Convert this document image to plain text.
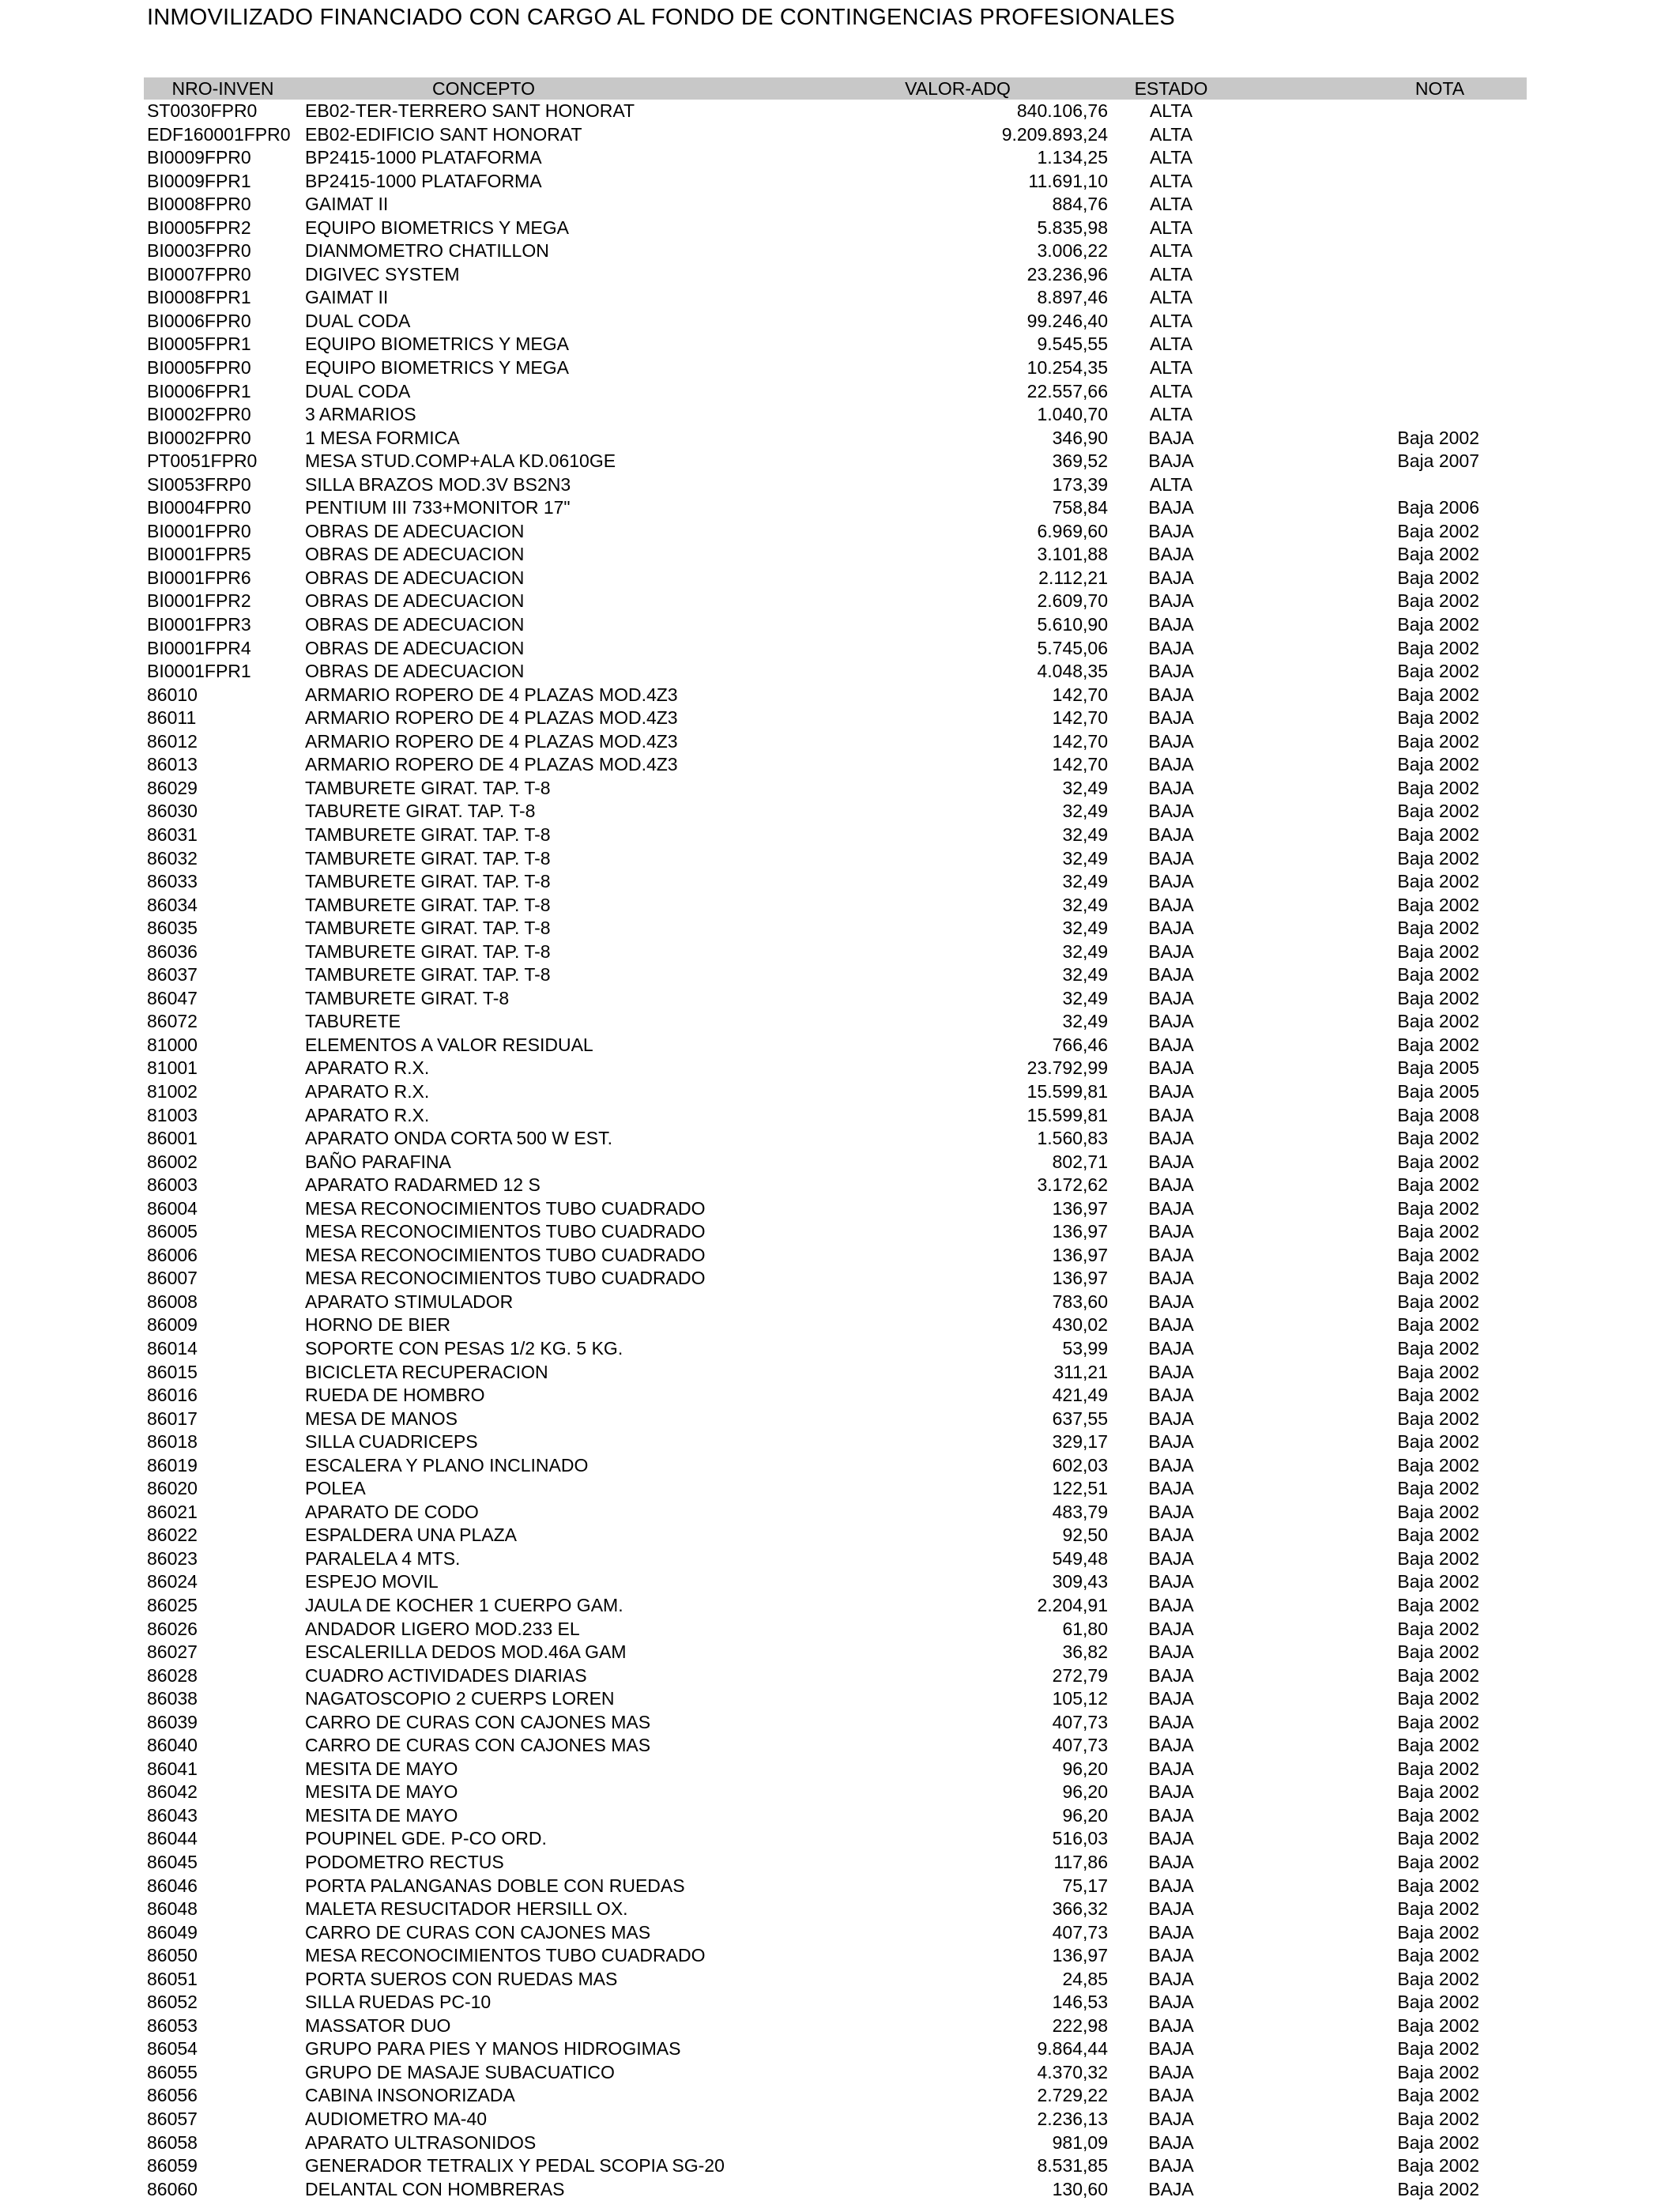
INMOVILIZADO FINANCIADO CON CARGO AL FONDO DE CONTINGENCIAS PROFESIONALES
NRO-INVEN	CONCEPTO	VALOR-ADQ	ESTADO	NOTA
ST0030FPR0	EB02-TER-TERRERO SANT HONORAT	840.106,76	ALTA
EDF160001FPR0 EB02-EDIFICIO SANT HONORAT	9.209.893,24	ALTA
BI0009FPR0	BP2415-1000 PLATAFORMA	1.134,25	ALTA
BI0009FPR1	BP2415-1000 PLATAFORMA	11.691,10	ALTA
BI0008FPR0	GAIMAT II	884,76	ALTA
BI0005FPR2	EQUIPO BIOMETRICS Y MEGA	5.835,98	ALTA
BI0003FPR0	DIANMOMETRO CHATILLON	3.006,22	ALTA
BI0007FPR0	DIGIVEC SYSTEM	23.236,96	ALTA
BI0008FPR1	GAIMAT II	8.897,46	ALTA
BI0006FPR0	DUAL CODA	99.246,40	ALTA
BI0005FPR1	EQUIPO BIOMETRICS Y MEGA	9.545,55	ALTA
BI0005FPR0	EQUIPO BIOMETRICS Y MEGA	10.254,35	ALTA
BI0006FPR1	DUAL CODA	22.557,66	ALTA
BI0002FPR0	3 ARMARIOS	1.040,70	ALTA
BI0002FPR0	1 MESA FORMICA	346,90	BAJA	Baja 2002
PT0051FPR0	MESA STUD.COMP+ALA KD.0610GE	369,52	BAJA	Baja 2007
SI0053FRP0	SILLA BRAZOS MOD.3V BS2N3	173,39	ALTA
BI0004FPR0	PENTIUM III 733+MONITOR 17"	758,84	BAJA	Baja 2006
BI0001FPR0	OBRAS DE ADECUACION	6.969,60	BAJA	Baja 2002
BI0001FPR5	OBRAS DE ADECUACION	3.101,88	BAJA	Baja 2002
BI0001FPR6	OBRAS DE ADECUACION	2.112,21	BAJA	Baja 2002
BI0001FPR2	OBRAS DE ADECUACION	2.609,70	BAJA	Baja 2002
BI0001FPR3	OBRAS DE ADECUACION	5.610,90	BAJA	Baja 2002
BI0001FPR4	OBRAS DE ADECUACION	5.745,06	BAJA	Baja 2002
BI0001FPR1	OBRAS DE ADECUACION	4.048,35	BAJA	Baja 2002
86010	ARMARIO ROPERO DE 4 PLAZAS MOD.4Z3	142,70	BAJA	Baja 2002
86011	ARMARIO ROPERO DE 4 PLAZAS MOD.4Z3	142,70	BAJA	Baja 2002
86012	ARMARIO ROPERO DE 4 PLAZAS MOD.4Z3	142,70	BAJA	Baja 2002
86013	ARMARIO ROPERO DE 4 PLAZAS MOD.4Z3	142,70	BAJA	Baja 2002
86029	TAMBURETE GIRAT. TAP. T-8	32,49	BAJA	Baja 2002
86030	TABURETE GIRAT. TAP. T-8	32,49	BAJA	Baja 2002
86031	TAMBURETE GIRAT. TAP. T-8	32,49	BAJA	Baja 2002
86032	TAMBURETE GIRAT. TAP. T-8	32,49	BAJA	Baja 2002
86033	TAMBURETE GIRAT. TAP. T-8	32,49	BAJA	Baja 2002
86034	TAMBURETE GIRAT. TAP. T-8	32,49	BAJA	Baja 2002
86035	TAMBURETE GIRAT. TAP. T-8	32,49	BAJA	Baja 2002
86036	TAMBURETE GIRAT. TAP. T-8	32,49	BAJA	Baja 2002
86037	TAMBURETE GIRAT. TAP. T-8	32,49	BAJA	Baja 2002
86047	TAMBURETE GIRAT. T-8	32,49	BAJA	Baja 2002
86072	TABURETE	32,49	BAJA	Baja 2002
81000	ELEMENTOS A VALOR RESIDUAL	766,46	BAJA	Baja 2002
81001	APARATO R.X.	23.792,99	BAJA	Baja 2005
81002	APARATO R.X.	15.599,81	BAJA	Baja 2005
81003	APARATO R.X.	15.599,81	BAJA	Baja 2008
86001	APARATO ONDA CORTA 500 W EST.	1.560,83	BAJA	Baja 2002
86002	BAÑO PARAFINA	802,71	BAJA	Baja 2002
86003	APARATO RADARMED 12 S	3.172,62	BAJA	Baja 2002
86004	MESA RECONOCIMIENTOS TUBO CUADRADO	136,97	BAJA	Baja 2002
86005	MESA RECONOCIMIENTOS TUBO CUADRADO	136,97	BAJA	Baja 2002
86006	MESA RECONOCIMIENTOS TUBO CUADRADO	136,97	BAJA	Baja 2002
86007	MESA RECONOCIMIENTOS TUBO CUADRADO	136,97	BAJA	Baja 2002
86008	APARATO STIMULADOR	783,60	BAJA	Baja 2002
86009	HORNO DE BIER	430,02	BAJA	Baja 2002
86014	SOPORTE CON PESAS 1/2 KG. 5 KG.	53,99	BAJA	Baja 2002
86015	BICICLETA RECUPERACION	311,21	BAJA	Baja 2002
86016	RUEDA DE HOMBRO	421,49	BAJA	Baja 2002
86017	MESA DE MANOS	637,55	BAJA	Baja 2002
86018	SILLA CUADRICEPS	329,17	BAJA	Baja 2002
86019	ESCALERA Y PLANO INCLINADO	602,03	BAJA	Baja 2002
86020	POLEA	122,51	BAJA	Baja 2002
86021	APARATO DE CODO	483,79	BAJA	Baja 2002
86022	ESPALDERA UNA PLAZA	92,50	BAJA	Baja 2002
86023	PARALELA 4 MTS.	549,48	BAJA	Baja 2002
86024	ESPEJO MOVIL	309,43	BAJA	Baja 2002
86025	JAULA DE KOCHER 1 CUERPO GAM.	2.204,91	BAJA	Baja 2002
86026	ANDADOR LIGERO MOD.233 EL	61,80	BAJA	Baja 2002
86027	ESCALERILLA DEDOS MOD.46A GAM	36,82	BAJA	Baja 2002
86028	CUADRO ACTIVIDADES DIARIAS	272,79	BAJA	Baja 2002
86038	NAGATOSCOPIO 2 CUERPS LOREN	105,12	BAJA	Baja 2002
86039	CARRO DE CURAS CON CAJONES MAS	407,73	BAJA	Baja 2002
86040	CARRO DE CURAS CON CAJONES MAS	407,73	BAJA	Baja 2002
86041	MESITA DE MAYO	96,20	BAJA	Baja 2002
86042	MESITA DE MAYO	96,20	BAJA	Baja 2002
86043	MESITA DE MAYO	96,20	BAJA	Baja 2002
86044	POUPINEL GDE. P-CO ORD.	516,03	BAJA	Baja 2002
86045	PODOMETRO RECTUS	117,86	BAJA	Baja 2002
86046	PORTA PALANGANAS DOBLE CON RUEDAS	75,17	BAJA	Baja 2002
86048	MALETA RESUCITADOR HERSILL OX.	366,32	BAJA	Baja 2002
86049	CARRO DE CURAS CON CAJONES MAS	407,73	BAJA	Baja 2002
86050	MESA RECONOCIMIENTOS TUBO CUADRADO	136,97	BAJA	Baja 2002
86051	PORTA SUEROS CON RUEDAS MAS	24,85	BAJA	Baja 2002
86052	SILLA RUEDAS PC-10	146,53	BAJA	Baja 2002
86053	MASSATOR DUO	222,98	BAJA	Baja 2002
86054	GRUPO PARA PIES Y MANOS HIDROGIMAS	9.864,44	BAJA	Baja 2002
86055	GRUPO DE MASAJE SUBACUATICO	4.370,32	BAJA	Baja 2002
86056	CABINA INSONORIZADA	2.729,22	BAJA	Baja 2002
86057	AUDIOMETRO MA-40	2.236,13	BAJA	Baja 2002
86058	APARATO ULTRASONIDOS	981,09	BAJA	Baja 2002
86059	GENERADOR TETRALIX Y PEDAL SCOPIA SG-20	8.531,85	BAJA	Baja 2002
86060	DELANTAL CON HOMBRERAS	130,60	BAJA	Baja 2002
